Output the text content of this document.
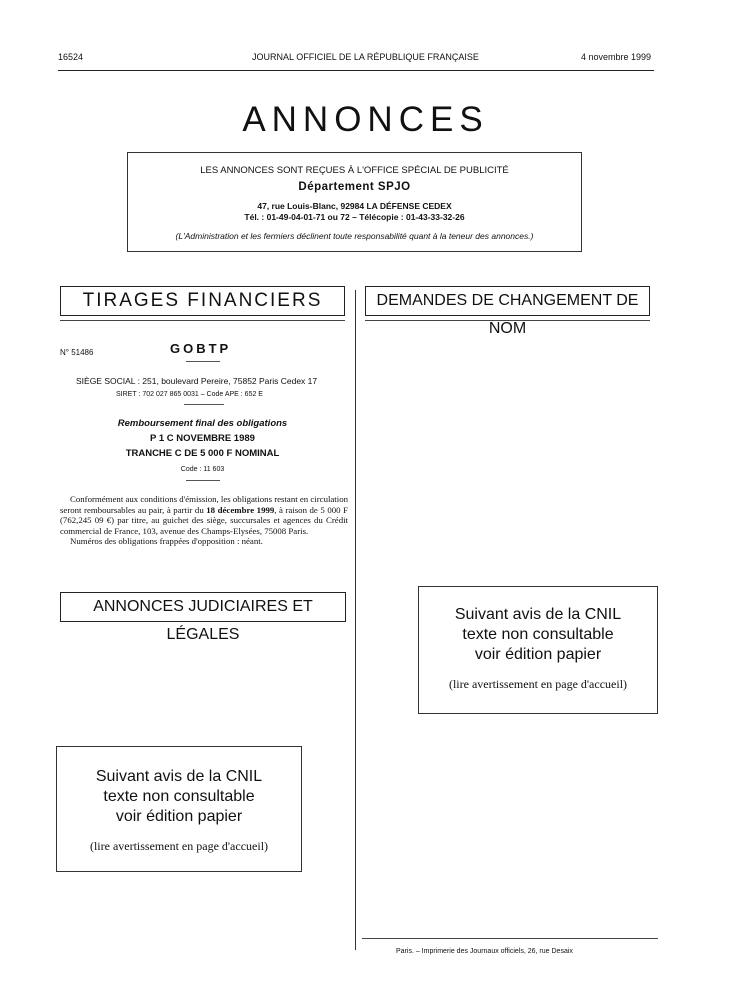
16524	JOURNAL OFFICIEL DE LA RÉPUBLIQUE FRANÇAISE	4 novembre 1999
ANNONCES
LES ANNONCES SONT REÇUES À L'OFFICE SPÉCIAL DE PUBLICITÉ
Département SPJO
47, rue Louis-Blanc, 92984 LA DÉFENSE CEDEX
Tél. : 01-49-04-01-71 ou 72 – Télécopie : 01-43-33-32-26
(L'Administration et les fermiers déclinent toute responsabilité quant à la teneur des annonces.)
TIRAGES FINANCIERS	DEMANDES DE CHANGEMENT DE NOM
N° 51486	GOBTP
SIÈGE SOCIAL : 251, boulevard Pereire, 75852 Paris Cedex 17
SIRET : 702 027 865 0031 – Code APE : 652 E
Remboursement final des obligations
P 1 C NOVEMBRE 1989
TRANCHE C DE 5 000 F NOMINAL
Code : 11 603

Conformément aux conditions d'émission, les obligations restant en circulation seront remboursables au pair, à partir du 18 décembre 1999, à raison de 5 000 F (762,245 09 €) par titre, au guichet des siège, succursales et agences du Crédit commercial de France, 103, avenue des Champs-Elysées, 75008 Paris.

Numéros des obligations frappées d'opposition : néant.

ANNONCES JUDICIAIRES ET LÉGALES
Suivant avis de la CNIL
texte non consultable
voir édition papier
(lire avertissement en page d'accueil)
Suivant avis de la CNIL
texte non consultable
voir édition papier
(lire avertissement en page d'accueil)
Paris. – Imprimerie des Journaux officiels, 26, rue Desaix
